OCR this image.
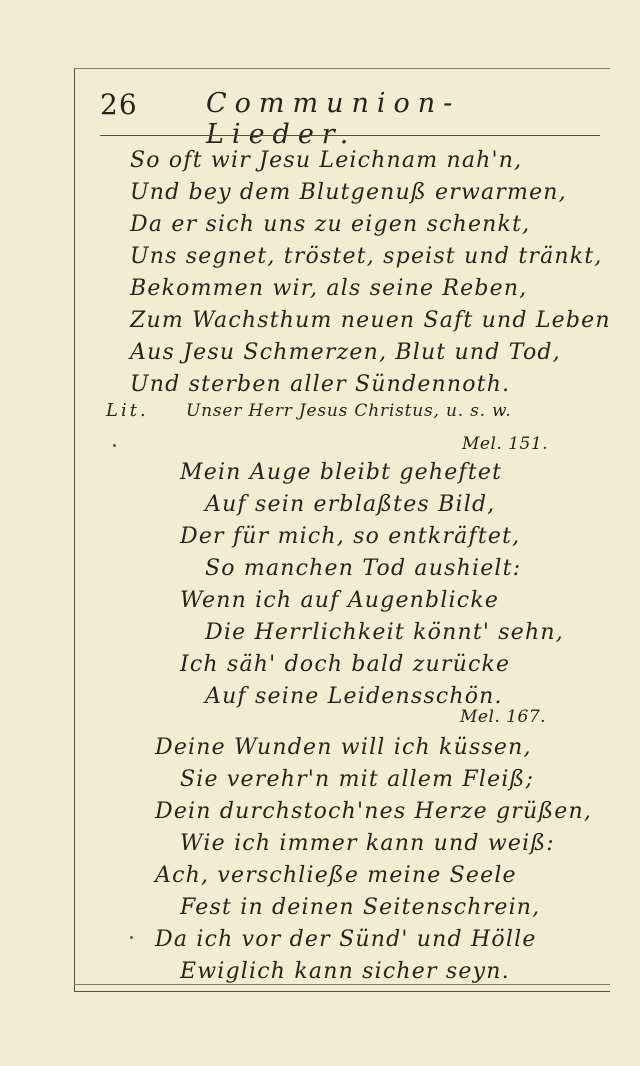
26	Communion-Lieder.
So oft wir Jesu Leichnam nah'n,
Und bey dem Blutgenuß erwarmen,
Da er sich uns zu eigen schenkt,
Uns segnet, tröstet, speist und tränkt,
Bekommen wir, als seine Reben,
Zum Wachsthum neuen Saft und Leben
Aus Jesu Schmerzen, Blut und Tod,
Und sterben aller Sündennoth.
Lit. Unser Herr Jesus Christus, u. s. w.
Mel. 151.
Mein Auge bleibt geheftet
Auf sein erblaßtes Bild,
Der für mich, so entkräftet,
So manchen Tod aushielt:
Wenn ich auf Augenblicke
Die Herrlichkeit könnt' sehn,
Ich säh' doch bald zurücke
Auf seine Leidensschön.
Mel. 167.
Deine Wunden will ich küssen,
Sie verehr'n mit allem Fleiß;
Dein durchstoch'nes Herze grüßen,
Wie ich immer kann und weiß:
Ach, verschließe meine Seele
Fest in deinen Seitenschrein,
Da ich vor der Sünd' und Hölle
Ewiglich kann sicher seyn.
